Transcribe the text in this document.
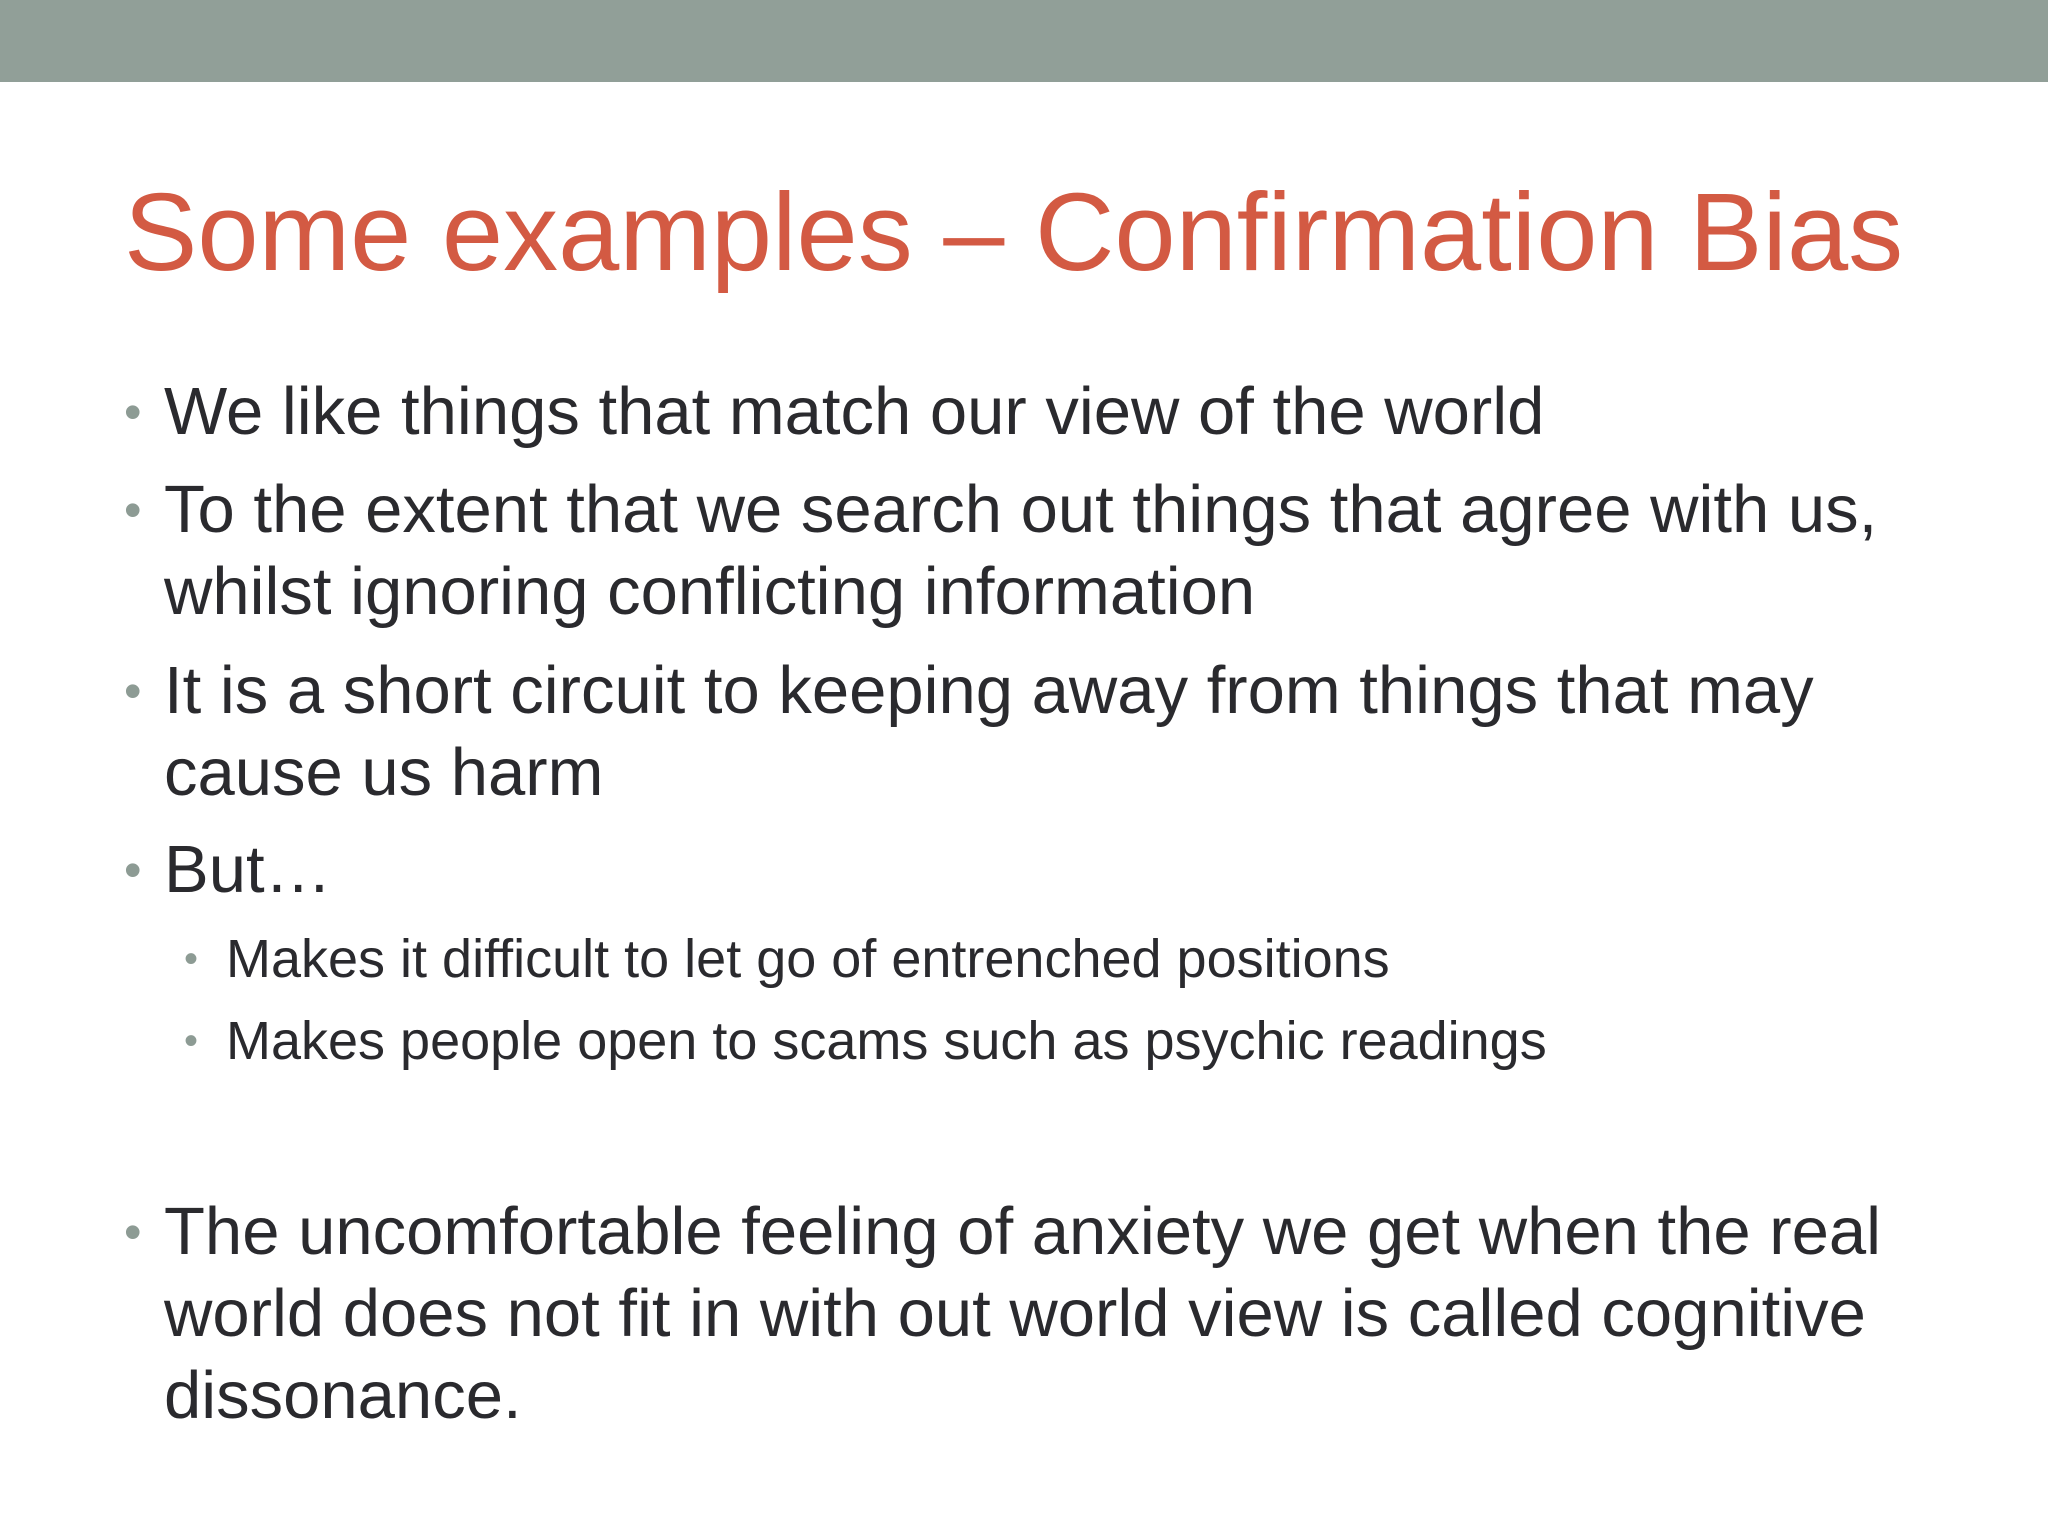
Some examples – Confirmation Bias
• We like things that match our view of the world
• To the extent that we search out things that agree with us,
whilst ignoring conflicting information
• It is a short circuit to keeping away from things that may
cause us harm
• But…
• Makes it difficult to let go of entrenched positions
• Makes people open to scams such as psychic readings
• The uncomfortable feeling of anxiety we get when the real
world does not fit in with out world view is called cognitive
dissonance.
